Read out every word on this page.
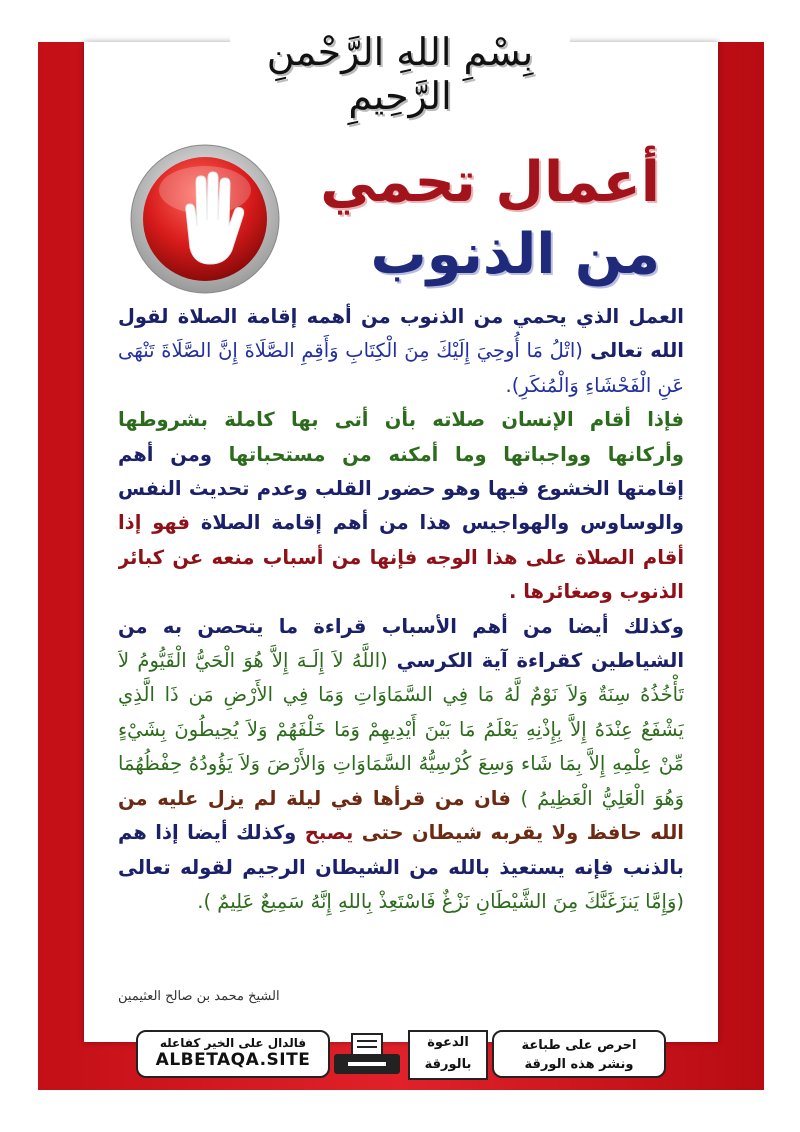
بِسْمِ اللهِ الرَّحْمنِ الرَّحِيمِ
أعمال تحمي
من الذنوب
العمل الذي يحمي من الذنوب من أهمه إقامة الصلاة لقول الله تعالى (اتْلُ مَا أُوحِيَ إِلَيْكَ مِنَ الْكِتَابِ وَأَقِمِ الصَّلَاةَ إِنَّ الصَّلَاةَ تَنْهَى عَنِ الْفَحْشَاءِ وَالْمُنكَرِ).
فإذا أقام الإنسان صلاته بأن أتى بها كاملة بشروطها وأركانها وواجباتها وما أمكنه من مستحباتها ومن أهم إقامتها الخشوع فيها وهو حضور القلب وعدم تحديث النفس والوساوس والهواجيس هذا من أهم إقامة الصلاة فهو إذا أقام الصلاة على هذا الوجه فإنها من أسباب منعه عن كبائر الذنوب وصغائرها .
وكذلك أيضا من أهم الأسباب قراءة ما يتحصن به من الشياطين كقراءة آية الكرسي (اللَّهُ لاَ إِلَـهَ إِلاَّ هُوَ الْحَيُّ الْقَيُّومُ لاَ تَأْخُذُهُ سِنَةٌ وَلاَ نَوْمٌ لَّهُ مَا فِي السَّمَاوَاتِ وَمَا فِي الأَرْضِ مَن ذَا الَّذِي يَشْفَعُ عِنْدَهُ إِلاَّ بِإِذْنِهِ يَعْلَمُ مَا بَيْنَ أَيْدِيهِمْ وَمَا خَلْفَهُمْ وَلاَ يُحِيطُونَ بِشَيْءٍ مِّنْ عِلْمِهِ إِلاَّ بِمَا شَاء وَسِعَ كُرْسِيُّهُ السَّمَاوَاتِ وَالأَرْضَ وَلاَ يَؤُودُهُ حِفْظُهُمَا وَهُوَ الْعَلِيُّ الْعَظِيمُ ) فان من قرأها في ليلة لم يزل عليه من الله حافظ ولا يقربه شيطان حتى يصبح وكذلك أيضا إذا هم بالذنب فإنه يستعيذ بالله من الشيطان الرجيم لقوله تعالى (وَإِمَّا يَنزَغَنَّكَ مِنَ الشَّيْطَانِ نَزْغٌ فَاسْتَعِذْ بِاللهِ إِنَّهُ سَمِيعٌ عَلِيمٌ ).
الشيخ محمد بن صالح العثيمين
فالدال على الخير كفاعله
ALBETAQA.SITE
الدعوة
بالورقة
احرص على طباعة
ونشر هذه الورقة
